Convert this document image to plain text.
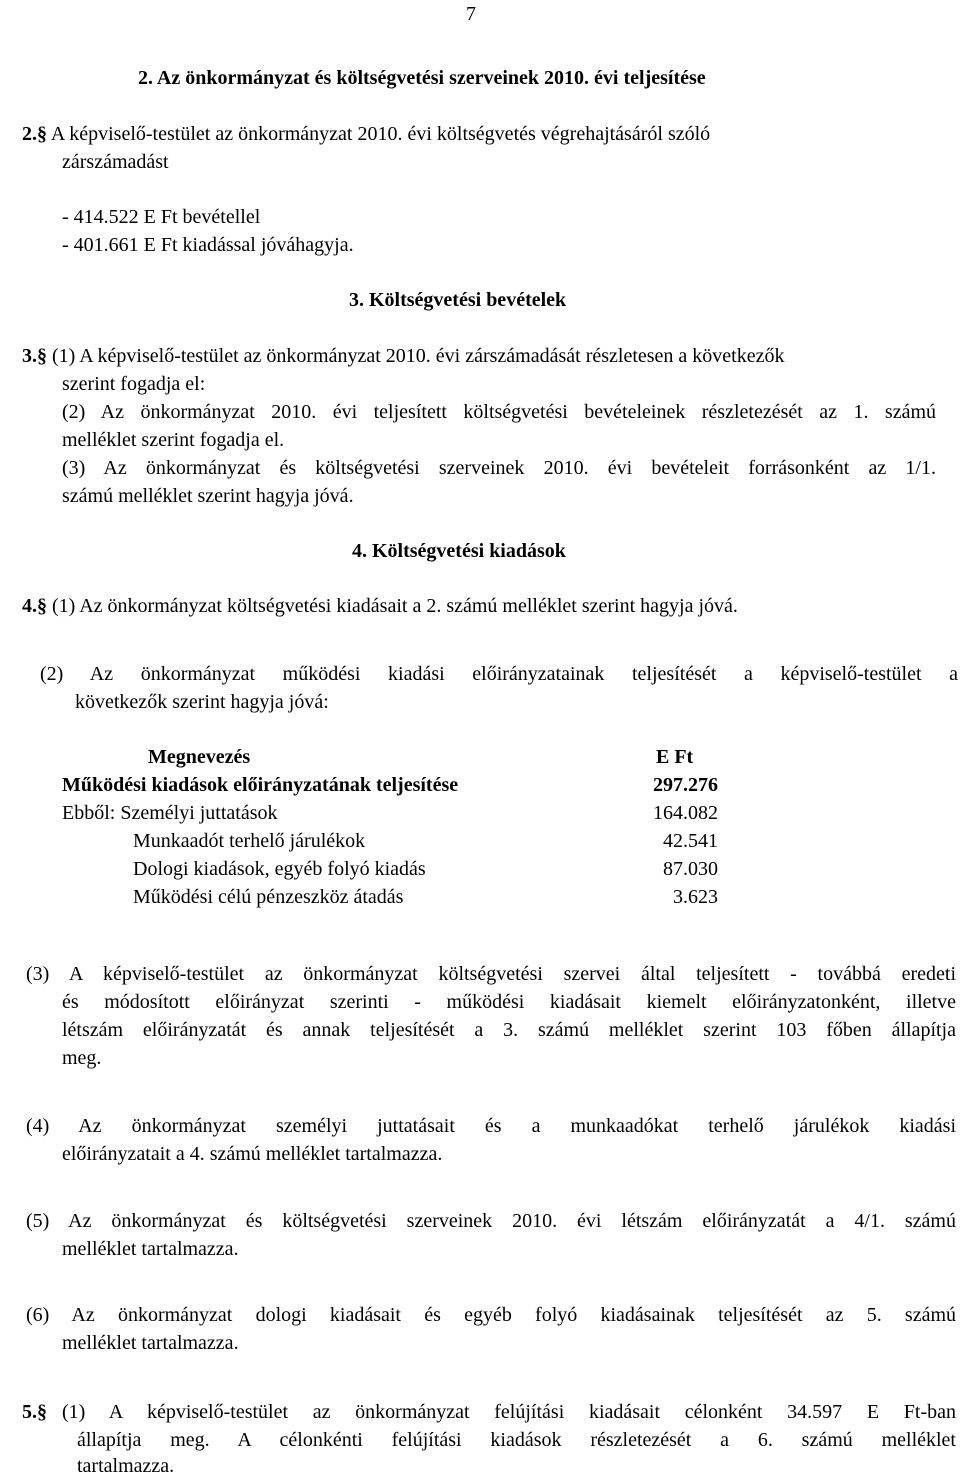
7

2. Az önkormányzat és költségvetési szerveinek 2010. évi teljesítése

2.§ A képviselő-testület az önkormányzat 2010. évi költségvetés végrehajtásáról szóló

zárszámadást

- 414.522 E Ft bevétellel

- 401.661 E Ft kiadással jóváhagyja.

3. Költségvetési bevételek

3.§ (1) A képviselő-testület az önkormányzat 2010. évi zárszámadását részletesen a következők

szerint fogadja el:

(2) Az önkormányzat 2010. évi teljesített költségvetési bevételeinek részletezését az 1. számú

melléklet szerint fogadja el.

(3) Az önkormányzat és költségvetési szerveinek 2010. évi bevételeit forrásonként az 1/1.

számú melléklet szerint hagyja jóvá.

4. Költségvetési kiadások

4.§ (1) Az önkormányzat költségvetési kiadásait a 2. számú melléklet szerint hagyja jóvá.

(2) Az önkormányzat működési kiadási előirányzatainak teljesítését a képviselő-testület a

következők szerint hagyja jóvá:

Megnevezés	E Ft

Működési kiadások előirányzatának teljesítése	297.276

Ebből: Személyi juttatások	164.082

Munkaadót terhelő járulékok	42.541

Dologi kiadások, egyéb folyó kiadás	87.030

Működési célú pénzeszköz átadás	3.623

(3) A képviselő-testület az önkormányzat költségvetési szervei által teljesített - továbbá eredeti

és módosított előirányzat szerinti - működési kiadásait kiemelt előirányzatonként, illetve

létszám előirányzatát és annak teljesítését a 3. számú melléklet szerint 103 főben állapítja

meg.

(4) Az önkormányzat személyi juttatásait és a munkaadókat terhelő járulékok kiadási

előirányzatait a 4. számú melléklet tartalmazza.

(5) Az önkormányzat és költségvetési szerveinek 2010. évi létszám előirányzatát a 4/1. számú

melléklet tartalmazza.

(6) Az önkormányzat dologi kiadásait és egyéb folyó kiadásainak teljesítését az 5. számú

melléklet tartalmazza.

5.§ (1) A képviselő-testület az önkormányzat felújítási kiadásait célonként 34.597 E Ft-ban

állapítja meg. A célonkénti felújítási kiadások részletezését a 6. számú melléklet

tartalmazza.
